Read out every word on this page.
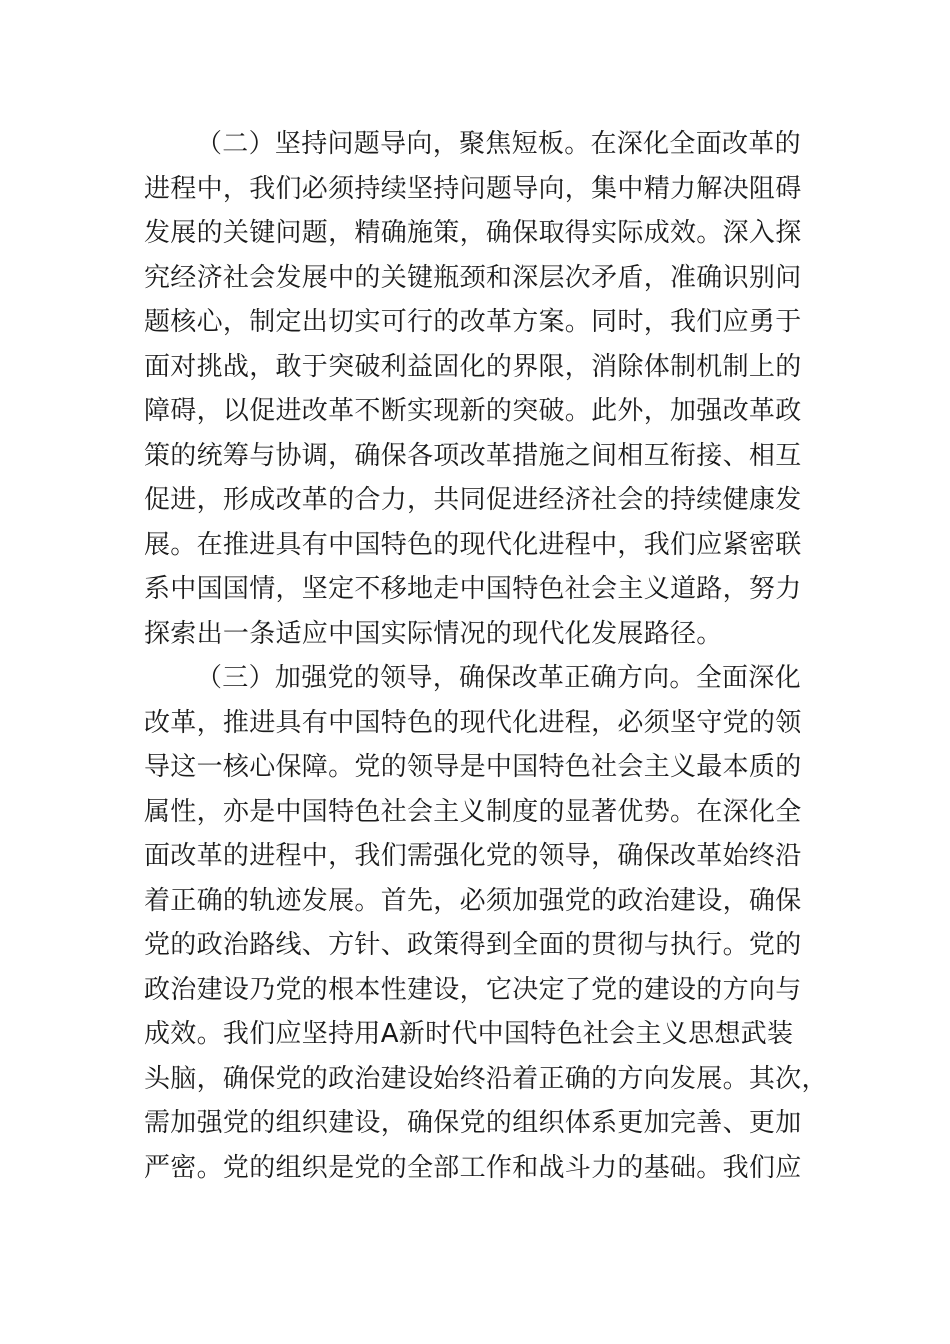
（二）坚持问题导向，聚焦短板。在深化全面改革的
进程中，我们必须持续坚持问题导向，集中精力解决阻碍
发展的关键问题，精确施策，确保取得实际成效。深入探
究经济社会发展中的关键瓶颈和深层次矛盾，准确识别问
题核心，制定出切实可行的改革方案。同时，我们应勇于
面对挑战，敢于突破利益固化的界限，消除体制机制上的
障碍，以促进改革不断实现新的突破。此外，加强改革政
策的统筹与协调，确保各项改革措施之间相互衔接、相互
促进，形成改革的合力，共同促进经济社会的持续健康发
展。在推进具有中国特色的现代化进程中，我们应紧密联
系中国国情，坚定不移地走中国特色社会主义道路，努力
探索出一条适应中国实际情况的现代化发展路径。
（三）加强党的领导，确保改革正确方向。全面深化
改革，推进具有中国特色的现代化进程，必须坚守党的领
导这一核心保障。党的领导是中国特色社会主义最本质的
属性，亦是中国特色社会主义制度的显著优势。在深化全
面改革的进程中，我们需强化党的领导，确保改革始终沿
着正确的轨迹发展。首先，必须加强党的政治建设，确保
党的政治路线、方针、政策得到全面的贯彻与执行。党的
政治建设乃党的根本性建设，它决定了党的建设的方向与
成效。我们应坚持用A新时代中国特色社会主义思想武装
头脑，确保党的政治建设始终沿着正确的方向发展。其次，
需加强党的组织建设，确保党的组织体系更加完善、更加
严密。党的组织是党的全部工作和战斗力的基础。我们应
